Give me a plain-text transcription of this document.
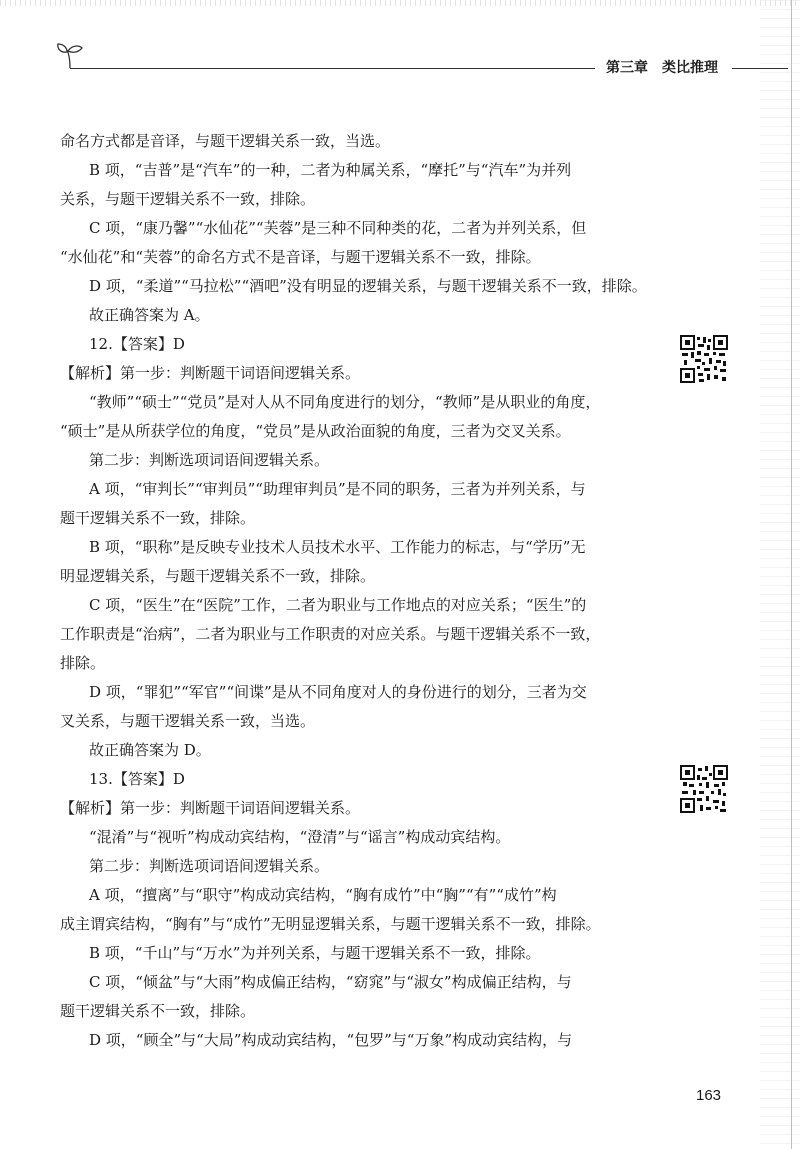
第三章 类比推理
命名方式都是音译，与题干逻辑关系一致，当选。
B 项，“吉普”是“汽车”的一种，二者为种属关系，“摩托”与“汽车”为并列
关系，与题干逻辑关系不一致，排除。
C 项，“康乃馨”“水仙花”“芙蓉”是三种不同种类的花，二者为并列关系，但
“水仙花”和“芙蓉”的命名方式不是音译，与题干逻辑关系不一致，排除。
D 项，“柔道”“马拉松”“酒吧”没有明显的逻辑关系，与题干逻辑关系不一致，排除。
故正确答案为 A。
12.【答案】D
【解析】第一步：判断题干词语间逻辑关系。
“教师”“硕士”“党员”是对人从不同角度进行的划分，“教师”是从职业的角度，
“硕士”是从所获学位的角度，“党员”是从政治面貌的角度，三者为交叉关系。
第二步：判断选项词语间逻辑关系。
A 项，“审判长”“审判员”“助理审判员”是不同的职务，三者为并列关系，与
题干逻辑关系不一致，排除。
B 项，“职称”是反映专业技术人员技术水平、工作能力的标志，与“学历”无
明显逻辑关系，与题干逻辑关系不一致，排除。
C 项，“医生”在“医院”工作，二者为职业与工作地点的对应关系；“医生”的
工作职责是“治病”，二者为职业与工作职责的对应关系。与题干逻辑关系不一致，
排除。
D 项，“罪犯”“军官”“间谍”是从不同角度对人的身份进行的划分，三者为交
叉关系，与题干逻辑关系一致，当选。
故正确答案为 D。
13.【答案】D
【解析】第一步：判断题干词语间逻辑关系。
“混淆”与“视听”构成动宾结构，“澄清”与“谣言”构成动宾结构。
第二步：判断选项词语间逻辑关系。
A 项，“擅离”与“职守”构成动宾结构，“胸有成竹”中“胸”“有”“成竹”构
成主谓宾结构，“胸有”与“成竹”无明显逻辑关系，与题干逻辑关系不一致，排除。
B 项，“千山”与“万水”为并列关系，与题干逻辑关系不一致，排除。
C 项，“倾盆”与“大雨”构成偏正结构，“窈窕”与“淑女”构成偏正结构，与
题干逻辑关系不一致，排除。
D 项，“顾全”与“大局”构成动宾结构，“包罗”与“万象”构成动宾结构，与
163
